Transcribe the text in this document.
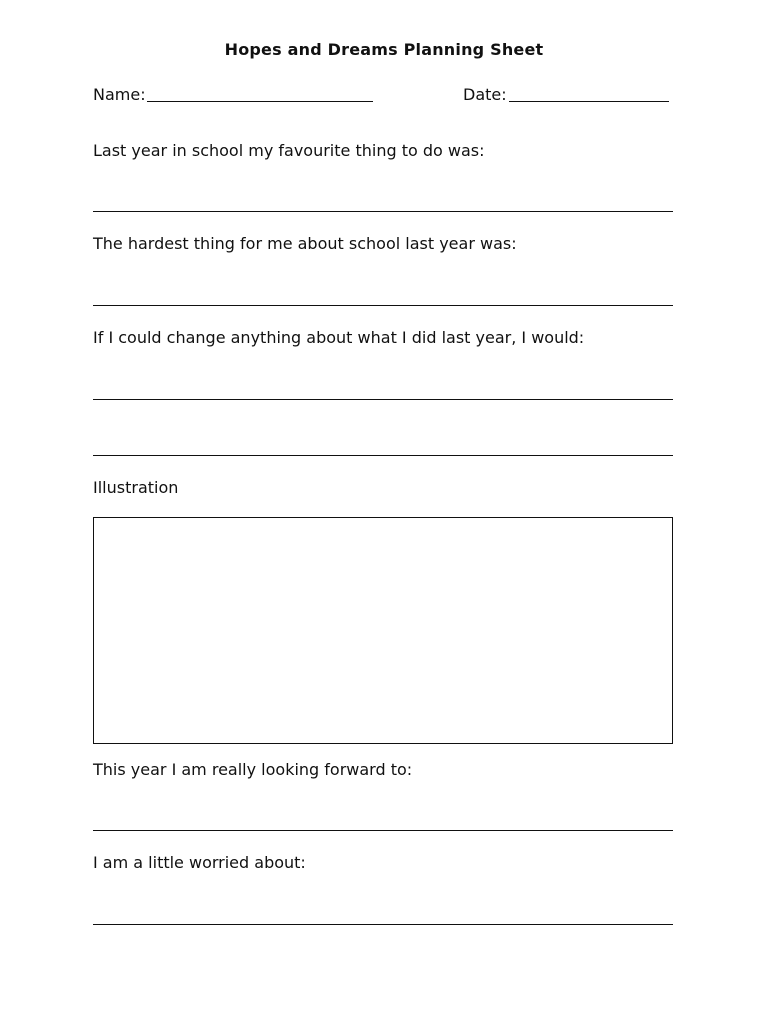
Hopes and Dreams Planning Sheet
Name:	Date:
Last year in school my favourite thing to do was:
The hardest thing for me about school last year was:
If I could change anything about what I did last year, I would:
Illustration
This year I am really looking forward to:
I am a little worried about:
